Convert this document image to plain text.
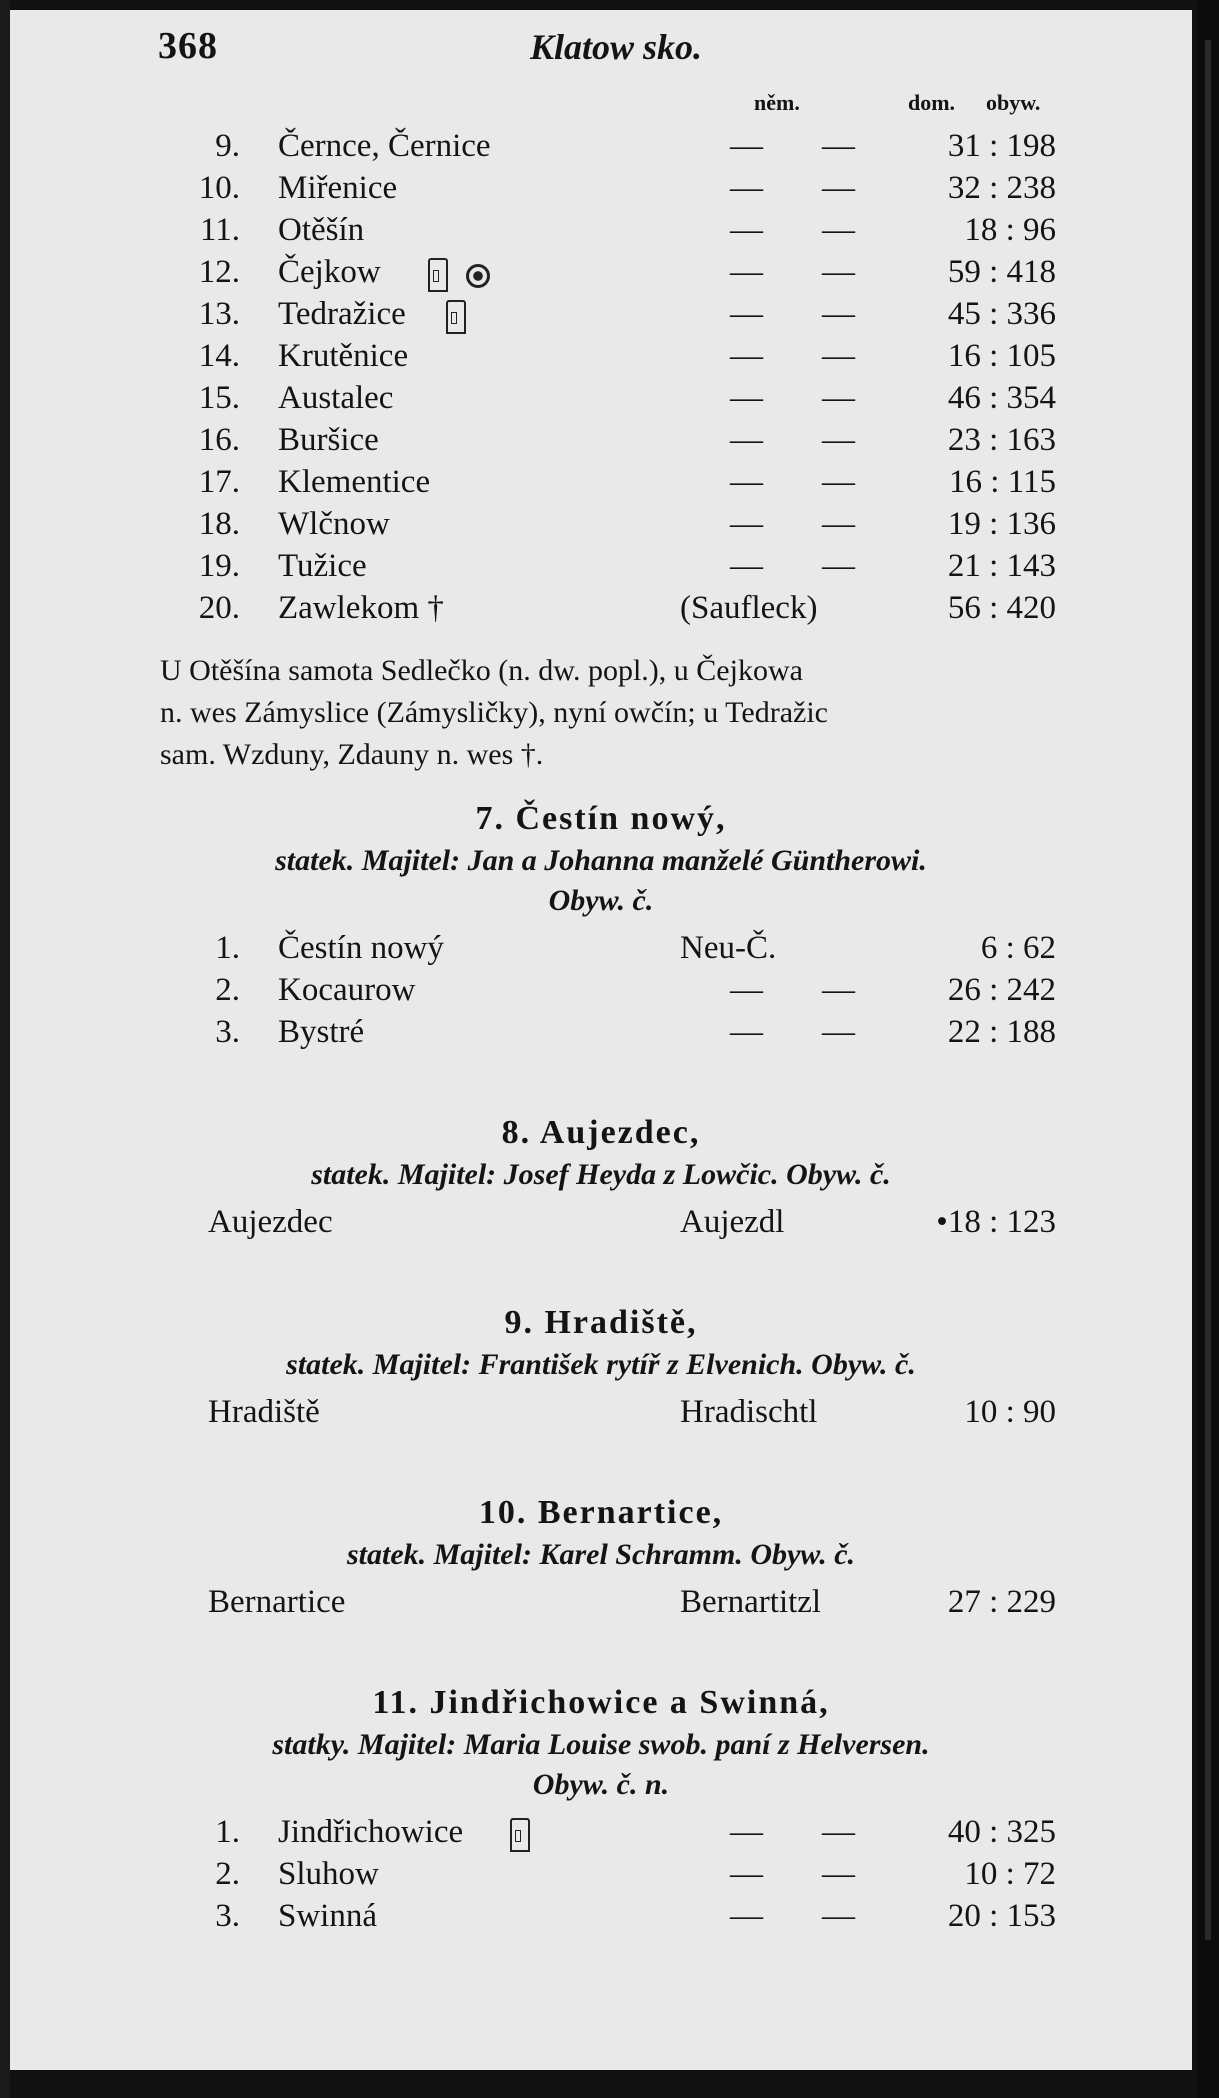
368	Klatow sko.
něm.	dom. obyw.
9. Černce, Černice	— —	31 : 198
10. Miřenice	— —	32 : 238
11. Otěšín	— —	18 : 96
12. Čejkow	— —	59 : 418
13. Tedražice	— —	45 : 336
14. Krutěnice	— —	16 : 105
15. Austalec	— —	46 : 354
16. Buršice	— —	23 : 163
17. Klementice	— —	16 : 115
18. Wlčnow	— —	19 : 136
19. Tužice	— —	21 : 143
20. Zawlekom †	(Saufleck)	56 : 420
U Otěšína samota Sedlečko (n. dw. popl.), u Čejkowa
n. wes Zámyslice (Zámysličky), nyní owčín; u Tedražic
sam. Wzduny, Zdauny n. wes †.
7. Čestín nowý,
statek. Majitel: Jan a Johanna manželé Güntherowi.
Obyw. č.
1. Čestín nowý	Neu-Č.	6 : 62
2. Kocaurow	— —	26 : 242
3. Bystré	— —	22 : 188
8. Aujezdec,
statek. Majitel: Josef Heyda z Lowčic. Obyw. č.
Aujezdec	Aujezdl	•18 : 123
9. Hradiště,
statek. Majitel: František rytíř z Elvenich. Obyw. č.
Hradiště	Hradischtl	10 : 90
10. Bernartice,
statek. Majitel: Karel Schramm. Obyw. č.
Bernartice	Bernartitzl	27 : 229
11. Jindřichowice a Swinná,
statky. Majitel: Maria Louise swob. paní z Helversen.
Obyw. č. n.
1. Jindřichowice	— —	40 : 325
2. Sluhow	— —	10 : 72
3. Swinná	— —	20 : 153
